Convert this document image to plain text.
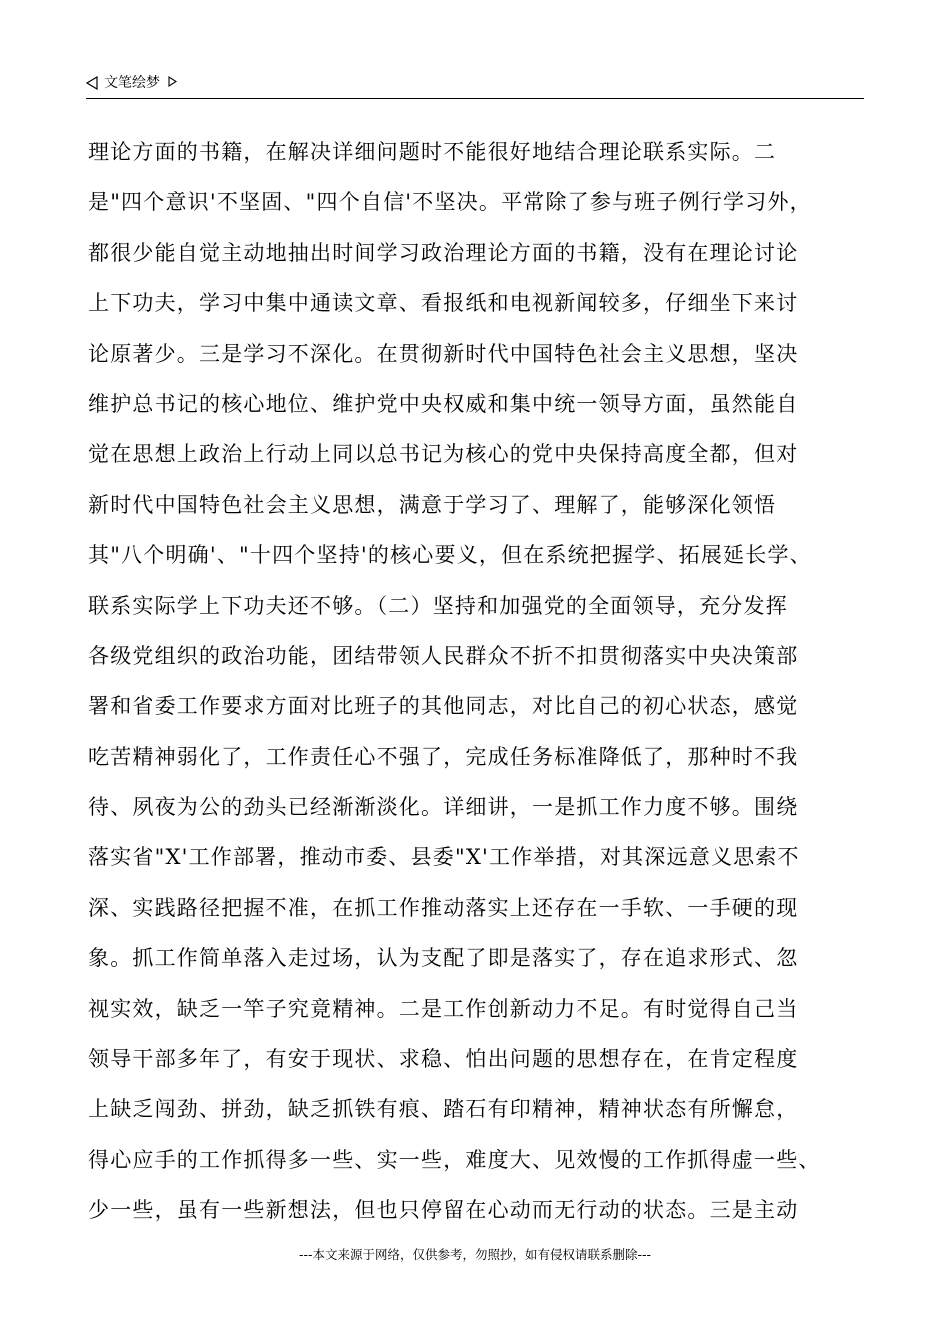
文笔绘梦
理论方面的书籍，在解决详细问题时不能很好地结合理论联系实际。二
是"四个意识'不坚固、"四个自信'不坚决。平常除了参与班子例行学习外，
都很少能自觉主动地抽出时间学习政治理论方面的书籍，没有在理论讨论
上下功夫，学习中集中通读文章、看报纸和电视新闻较多，仔细坐下来讨
论原著少。三是学习不深化。在贯彻新时代中国特色社会主义思想，坚决
维护总书记的核心地位、维护党中央权威和集中统一领导方面，虽然能自
觉在思想上政治上行动上同以总书记为核心的党中央保持高度全都，但对
新时代中国特色社会主义思想，满意于学习了、理解了，能够深化领悟
其"八个明确'、"十四个坚持'的核心要义，但在系统把握学、拓展延长学、
联系实际学上下功夫还不够。（二）坚持和加强党的全面领导，充分发挥
各级党组织的政治功能，团结带领人民群众不折不扣贯彻落实中央决策部
署和省委工作要求方面对比班子的其他同志，对比自己的初心状态，感觉
吃苦精神弱化了，工作责任心不强了，完成任务标准降低了，那种时不我
待、夙夜为公的劲头已经渐渐淡化。详细讲，一是抓工作力度不够。围绕
落实省"X'工作部署，推动市委、县委"X'工作举措，对其深远意义思索不
深、实践路径把握不准，在抓工作推动落实上还存在一手软、一手硬的现
象。抓工作简单落入走过场，认为支配了即是落实了，存在追求形式、忽
视实效，缺乏一竿子究竟精神。二是工作创新动力不足。有时觉得自己当
领导干部多年了，有安于现状、求稳、怕出问题的思想存在，在肯定程度
上缺乏闯劲、拼劲，缺乏抓铁有痕、踏石有印精神，精神状态有所懈怠，
得心应手的工作抓得多一些、实一些，难度大、见效慢的工作抓得虚一些、
少一些，虽有一些新想法，但也只停留在心动而无行动的状态。三是主动
---本文来源于网络，仅供参考，勿照抄，如有侵权请联系删除---
